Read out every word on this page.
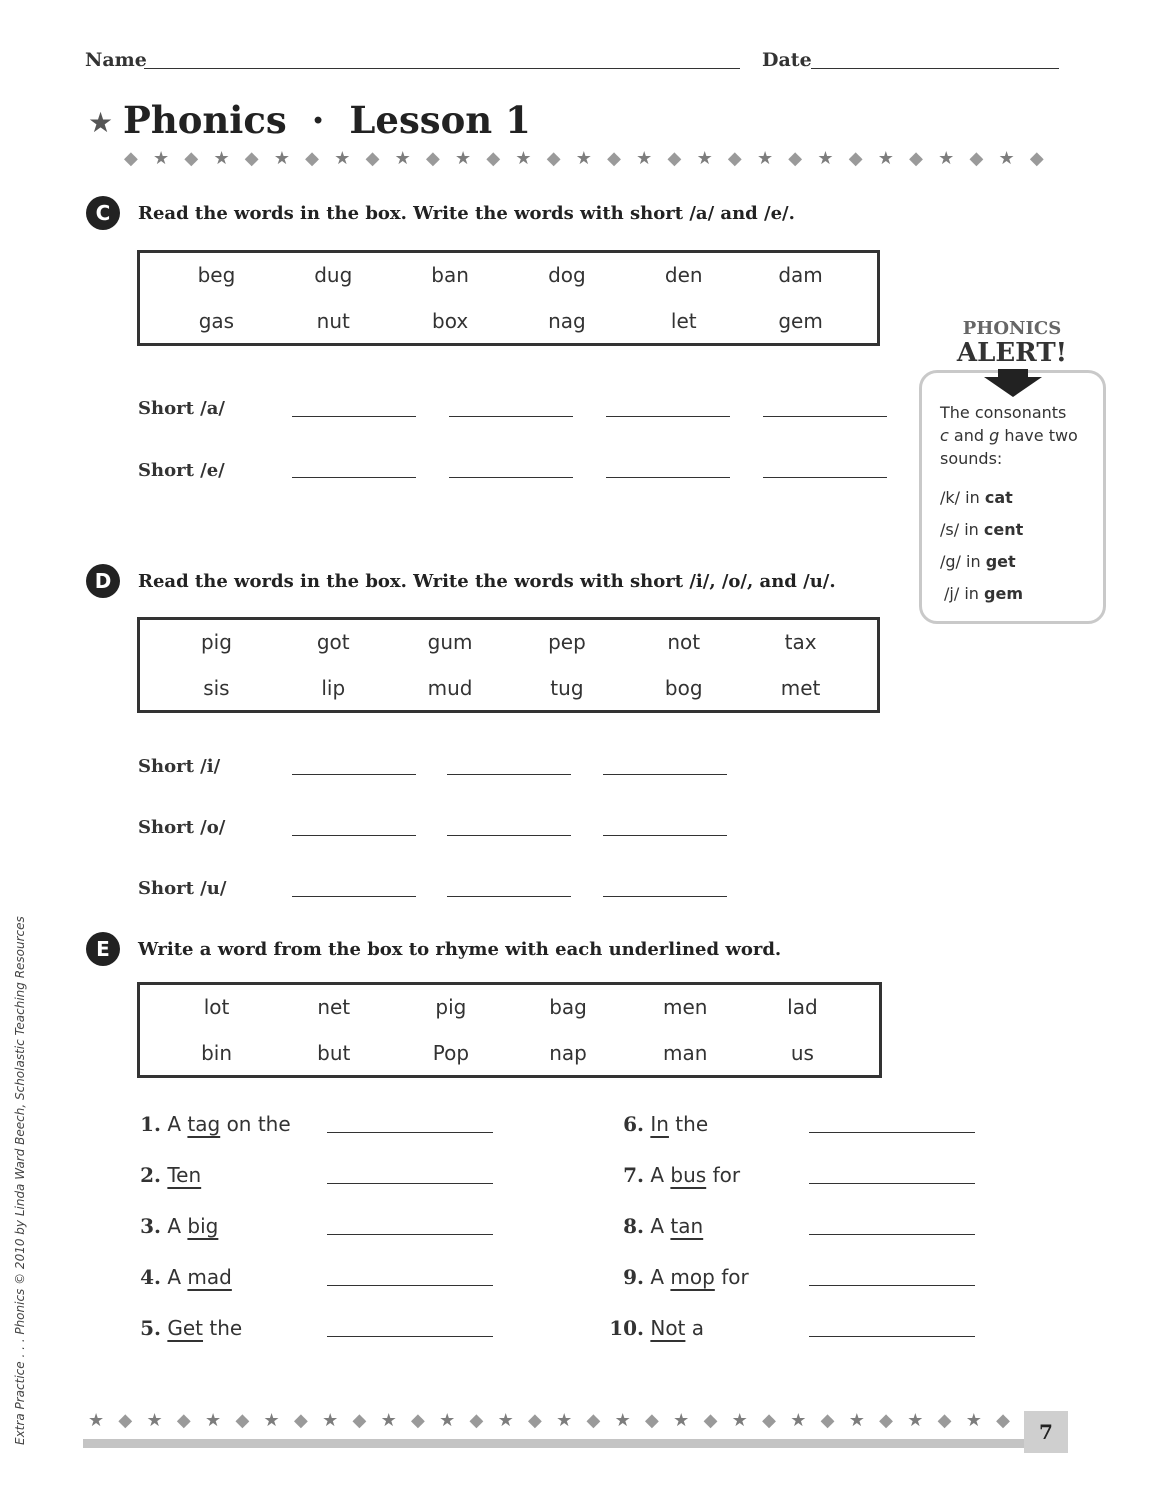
Name	Date
★ Phonics · Lesson 1
◆ ★ ◆ ★ ◆ ★ ◆ ★ ◆ ★ ◆ ★ ◆ ★ ◆ ★ ◆ ★ ◆ ★ ◆ ★ ◆ ★ ◆ ★ ◆ ★ ◆ ★ ◆
C	Read the words in the box. Write the words with short /a/ and /e/.
beg	dug	ban	dog	den	dam
gas	nut	box	nag	let	gem
Short /a/
Short /e/
PHONICS
ALERT!
The consonants
c and g have two
sounds:
/k/ in cat
/s/ in cent
/g/ in get
/j/ in gem
D	Read the words in the box. Write the words with short /i/, /o/, and /u/.
pig	got	gum	pep	not	tax
sis	lip	mud	tug	bog	met
Short /i/
Short /o/
Short /u/
E	Write a word from the box to rhyme with each underlined word.
lot	net	pig	bag	men	lad
bin	but	Pop	nap	man	us
1. A tag on the
2. Ten
3. A big
4. A mad
5. Get the
6. In the
7. A bus for
8. A tan
9. A mop for
10. Not a
★ ◆ ★ ◆ ★ ◆ ★ ◆ ★ ◆ ★ ◆ ★ ◆ ★ ◆ ★ ◆ ★ ◆ ★ ◆ ★ ◆ ★ ◆ ★ ◆ ★ ◆ ★ ◆	7
Extra Practice . . . Phonics © 2010 by Linda Ward Beech, Scholastic Teaching Resources
